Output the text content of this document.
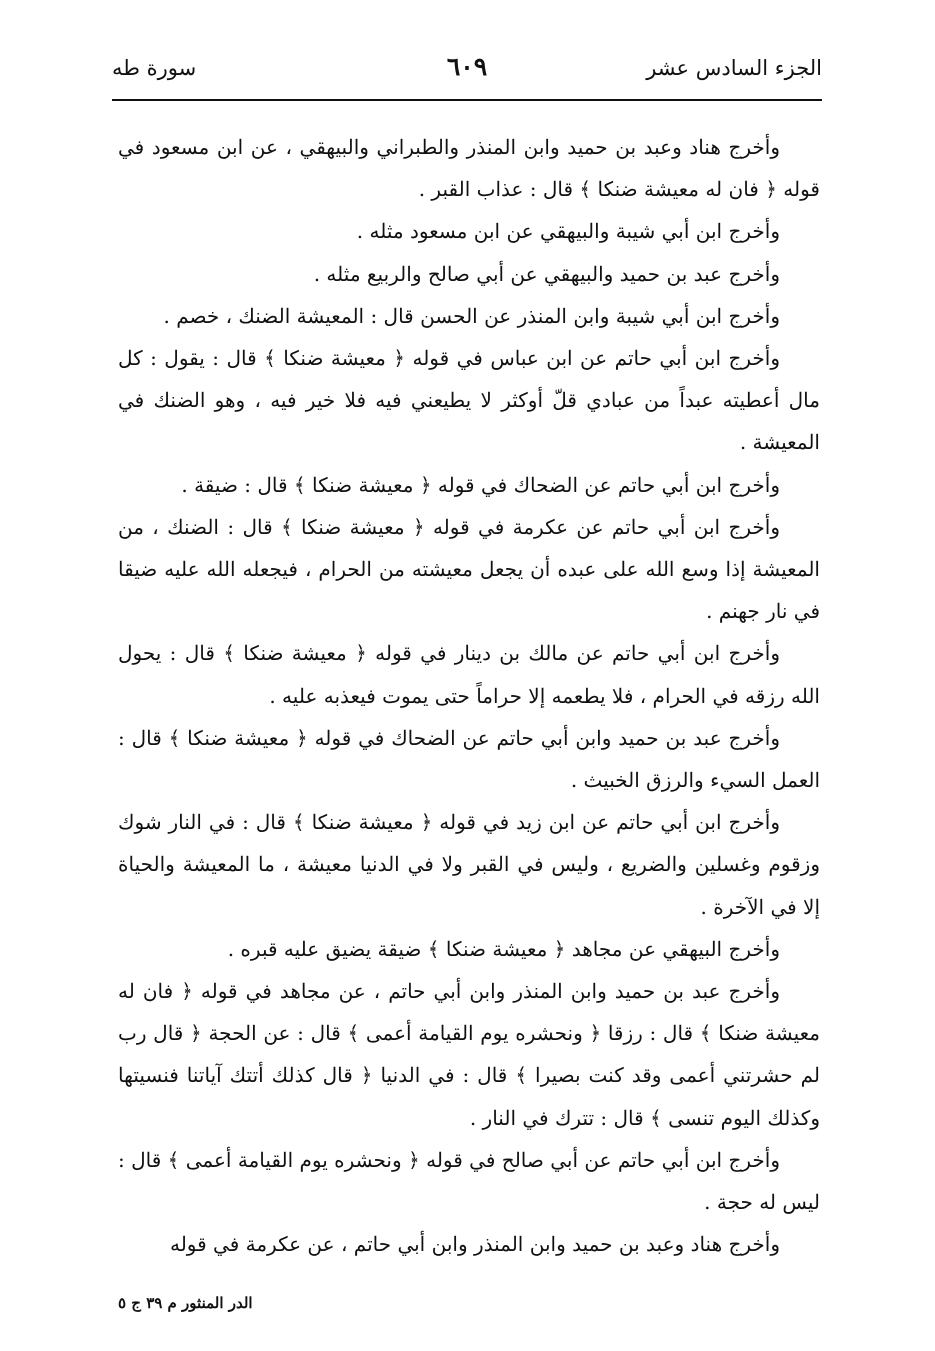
الجزء السادس عشر
٦٠٩
سورة طه

وأخرج هناد وعبد بن حميد وابن المنذر والطبراني والبيهقي ، عن ابن مسعود في قوله ﴿ فان له معيشة ضنكا ﴾ قال : عذاب القبر .

وأخرج ابن أبي شيبة والبيهقي عن ابن مسعود مثله .

وأخرج عبد بن حميد والبيهقي عن أبي صالح والربيع مثله .

وأخرج ابن أبي شيبة وابن المنذر عن الحسن قال : المعيشة الضنك ، خصم .

وأخرج ابن أبي حاتم عن ابن عباس في قوله ﴿ معيشة ضنكا ﴾ قال : يقول : كل مال أعطيته عبداً من عبادي قلّ أوكثر لا يطيعني فيه فلا خير فيه ، وهو الضنك في المعيشة .

وأخرج ابن أبي حاتم عن الضحاك في قوله ﴿ معيشة ضنكا ﴾ قال : ضيقة .

وأخرج ابن أبي حاتم عن عكرمة في قوله ﴿ معيشة ضنكا ﴾ قال : الضنك ، من المعيشة إذا وسع الله على عبده أن يجعل معيشته من الحرام ، فيجعله الله عليه ضيقا في نار جهنم .

وأخرج ابن أبي حاتم عن مالك بن دينار في قوله ﴿ معيشة ضنكا ﴾ قال : يحول الله رزقه في الحرام ، فلا يطعمه إلا حراماً حتى يموت فيعذبه عليه .

وأخرج عبد بن حميد وابن أبي حاتم عن الضحاك في قوله ﴿ معيشة ضنكا ﴾ قال : العمل السيء والرزق الخبيث .

وأخرج ابن أبي حاتم عن ابن زيد في قوله ﴿ معيشة ضنكا ﴾ قال : في النار شوك وزقوم وغسلين والضريع ، وليس في القبر ولا في الدنيا معيشة ، ما المعيشة والحياة إلا في الآخرة .

وأخرج البيهقي عن مجاهد ﴿ معيشة ضنكا ﴾ ضيقة يضيق عليه قبره .

وأخرج عبد بن حميد وابن المنذر وابن أبي حاتم ، عن مجاهد في قوله ﴿ فان له معيشة ضنكا ﴾ قال : رزقا ﴿ ونحشره يوم القيامة أعمى ﴾ قال : عن الحجة ﴿ قال رب لم حشرتني أعمى وقد كنت بصيرا ﴾ قال : في الدنيا ﴿ قال كذلك أتتك آياتنا فنسيتها وكذلك اليوم تنسى ﴾ قال : تترك في النار .

وأخرج ابن أبي حاتم عن أبي صالح في قوله ﴿ ونحشره يوم القيامة أعمى ﴾ قال : ليس له حجة .

وأخرج هناد وعبد بن حميد وابن المنذر وابن أبي حاتم ، عن عكرمة في قوله

الدر المنثور م ٣٩ ج ٥
